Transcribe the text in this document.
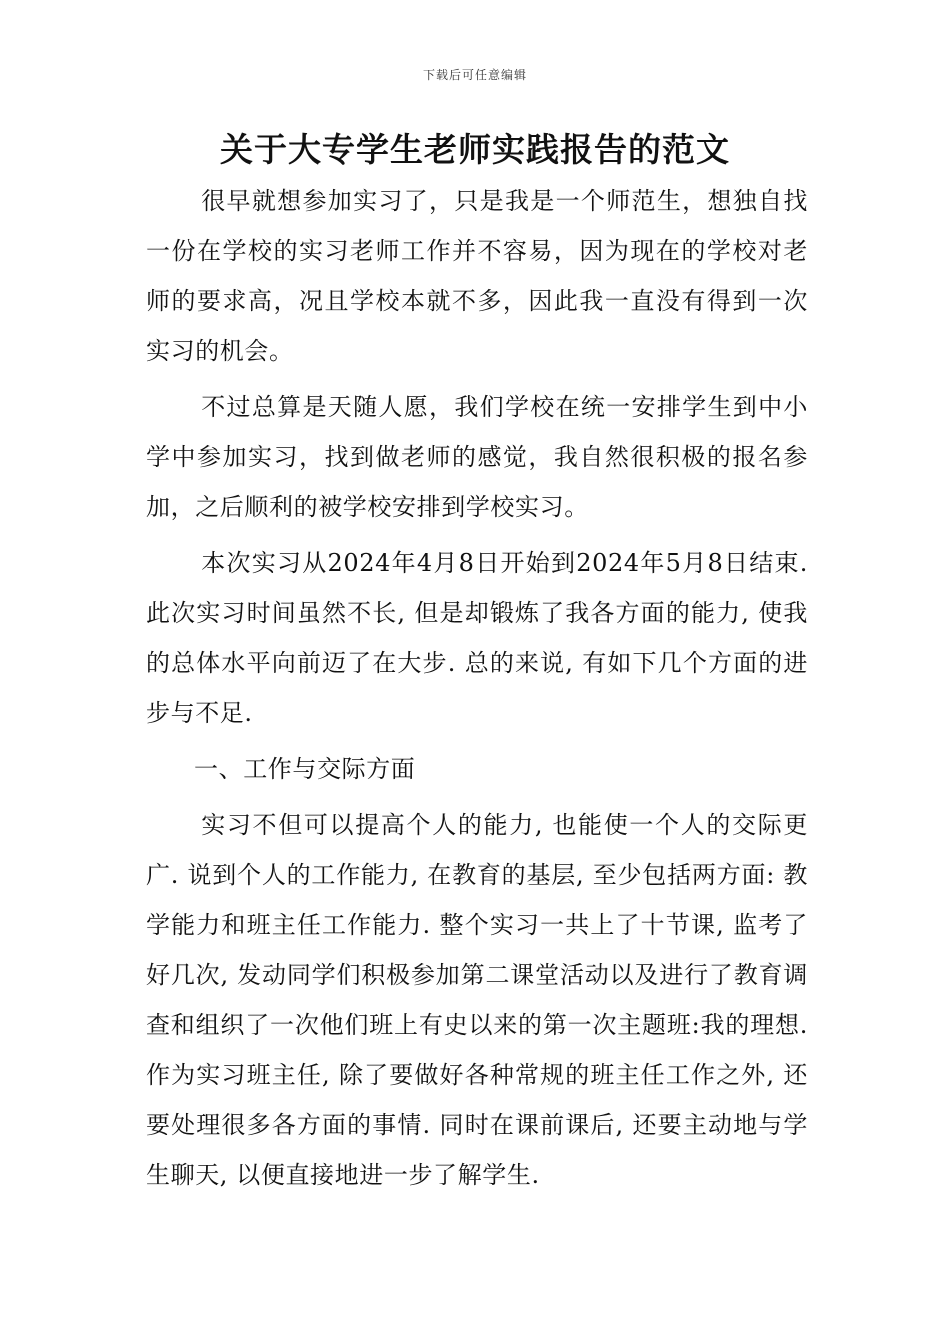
下载后可任意编辑
关于大专学生老师实践报告的范文

很早就想参加实习了，只是我是一个师范生，想独自找一份在学校的实习老师工作并不容易，因为现在的学校对老师的要求高，况且学校本就不多，因此我一直没有得到一次实习的机会。

不过总算是天随人愿，我们学校在统一安排学生到中小学中参加实习，找到做老师的感觉，我自然很积极的报名参加，之后顺利的被学校安排到学校实习。

本次实习从2024年4月8日开始到2024年5月8日结束. 此次实习时间虽然不长, 但是却锻炼了我各方面的能力, 使我的总体水平向前迈了在大步. 总的来说, 有如下几个方面的进步与不足.

一、工作与交际方面

实习不但可以提高个人的能力, 也能使一个人的交际更广. 说到个人的工作能力, 在教育的基层, 至少包括两方面: 教学能力和班主任工作能力. 整个实习一共上了十节课, 监考了好几次, 发动同学们积极参加第二课堂活动以及进行了教育调查和组织了一次他们班上有史以来的第一次主题班:我的理想. 作为实习班主任, 除了要做好各种常规的班主任工作之外, 还要处理很多各方面的事情. 同时在课前课后, 还要主动地与学生聊天, 以便直接地进一步了解学生.
